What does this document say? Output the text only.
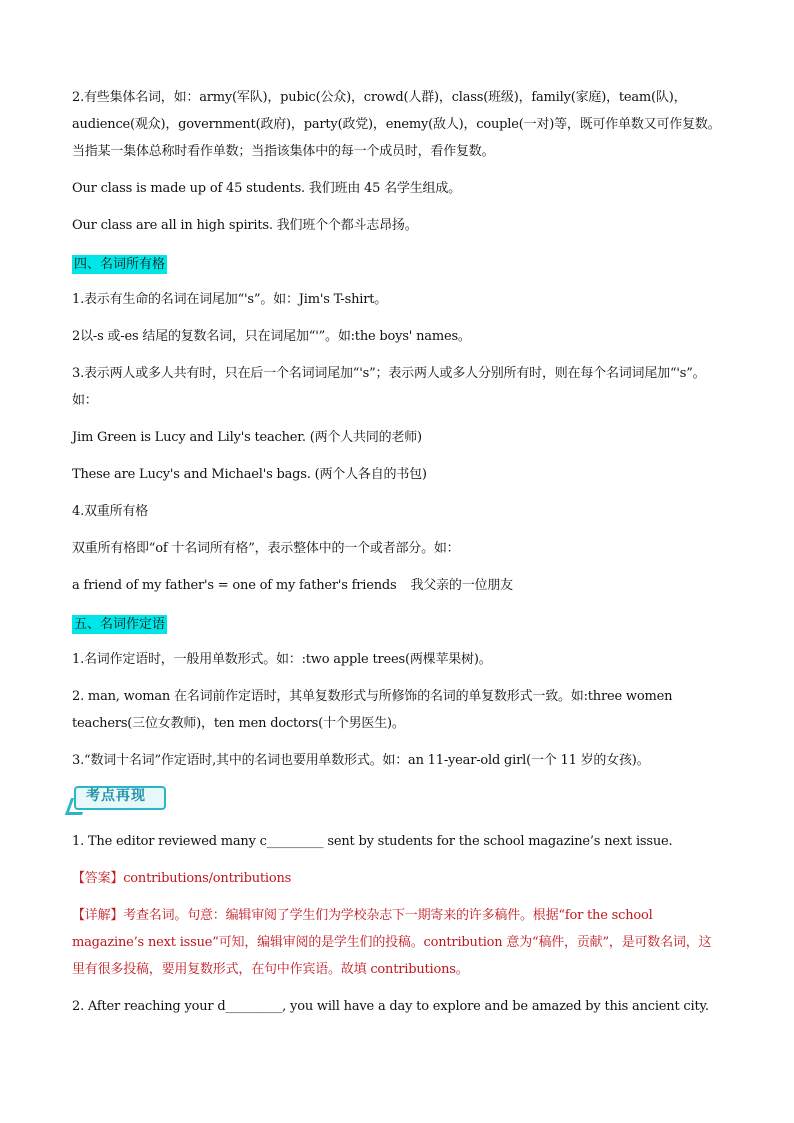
2.有些集体名词，如：army(军队)，pubic(公众)，crowd(人群)，class(班级)，family(家庭)，team(队)，audience(观众)，government(政府)，party(政党)，enemy(敌人)，couple(一对)等，既可作单数又可作复数。当指某一集体总称时看作单数；当指该集体中的每一个成员时，看作复数。

Our class is made up of 45 students. 我们班由 45 名学生组成。

Our class are all in high spirits. 我们班个个都斗志昂扬。

四、名词所有格

1.表示有生命的名词在词尾加“'s”。如：Jim's T-shirt。

2以-s 或-es 结尾的复数名词，只在词尾加“'”。如:the boys' names。

3.表示两人或多人共有时，只在后一个名词词尾加“'s”；表示两人或多人分别所有时，则在每个名词词尾加“'s”。如：

Jim Green is Lucy and Lily's teacher. (两个人共同的老师)

These are Lucy's and Michael's bags. (两个人各自的书包)

4.双重所有格

双重所有格即“of 十名词所有格”，表示整体中的一个或者部分。如：

a friend of my father's = one of my father's friends 我父亲的一位朋友

五、名词作定语

1.名词作定语时，一般用单数形式。如：:two apple trees(两棵苹果树)。

2. man, woman 在名词前作定语时，其单复数形式与所修饰的名词的单复数形式一致。如:three women teachers(三位女教师)，ten men doctors(十个男医生)。

3.“数词十名词”作定语时,其中的名词也要用单数形式。如：an 11-year-old girl(一个 11 岁的女孩)。

考点再现

1. The editor reviewed many c_________ sent by students for the school magazine’s next issue.

【答案】contributions/ontributions

【详解】考查名词。句意：编辑审阅了学生们为学校杂志下一期寄来的许多稿件。根据“for the school magazine’s next issue”可知，编辑审阅的是学生们的投稿。contribution 意为“稿件，贡献”，是可数名词，这里有很多投稿，要用复数形式，在句中作宾语。故填 contributions。

2. After reaching your d_________, you will have a day to explore and be amazed by this ancient city.
